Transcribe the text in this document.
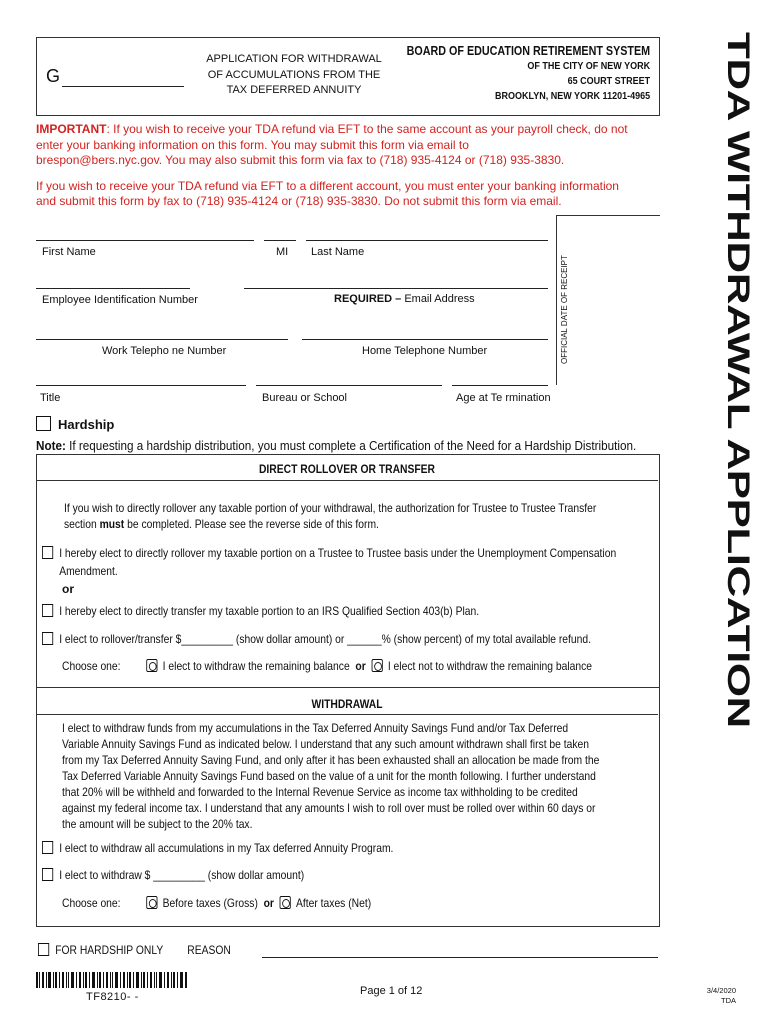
G
APPLICATION FOR WITHDRAWAL
OF ACCUMULATIONS FROM THE
TAX DEFERRED ANNUITY
BOARD OF EDUCATION RETIREMENT SYSTEM
OF THE CITY OF NEW YORK
65 COURT STREET
BROOKLYN, NEW YORK 11201-4965 TDA WITHDRAWAL APPLICATION
IMPORTANT: If you wish to receive your TDA refund via EFT to the same account as your payroll check, do not
enter your banking information on this form. You may submit this form via email to
brespon@bers.nyc.gov. You may also submit this form via fax to (718) 935-4124 or (718) 935-3830.
If you wish to receive your TDA refund via EFT to a different account, you must enter your banking information
and submit this form by fax to (718) 935-4124 or (718) 935-3830. Do not submit this form via email.
OFFICIAL DATE OF RECEIPT
First Name	MI Last Name
Employee Identification Number	REQUIRED – Email Address
Work Telepho ne Number	Home Telephone Number
Title	Bureau or School	Age at Te rmination
Hardship
Note: If requesting a hardship distribution, you must complete a Certification of the Need for a Hardship Distribution.
DIRECT ROLLOVER OR TRANSFER
If you wish to directly rollover any taxable portion of your withdrawal, the authorization for Trustee to Trustee Transfer
section must be completed. Please see the reverse side of this form.
I hereby elect to directly rollover my taxable portion on a Trustee to Trustee basis under the Unemployment Compensation
Amendment.
or
I hereby elect to directly transfer my taxable portion to an IRS Qualified Section 403(b) Plan.
I elect to rollover/transfer $_________ (show dollar amount) or ______% (show percent) of my total available refund.
Choose one:	I elect to withdraw the remaining balance or I elect not to withdraw the remaining balance
WITHDRAWAL
I elect to withdraw funds from my accumulations in the Tax Deferred Annuity Savings Fund and/or Tax Deferred
Variable Annuity Savings Fund as indicated below. I understand that any such amount withdrawn shall first be taken
from my Tax Deferred Annuity Saving Fund, and only after it has been exhausted shall an allocation be made from the
Tax Deferred Variable Annuity Savings Fund based on the value of a unit for the month following. I further understand
that 20% will be withheld and forwarded to the Internal Revenue Service as income tax withholding to be credited
against my federal income tax. I understand that any amounts I wish to roll over must be rolled over within 60 days or
the amount will be subject to the 20% tax.
I elect to withdraw all accumulations in my Tax deferred Annuity Program.
I elect to withdraw $ _________ (show dollar amount)
Choose one:	Before taxes (Gross) or After taxes (Net)
FOR HARDSHIP ONLY REASON
TF8210- -	Page 1 of 12	3/4/2020
TDA
